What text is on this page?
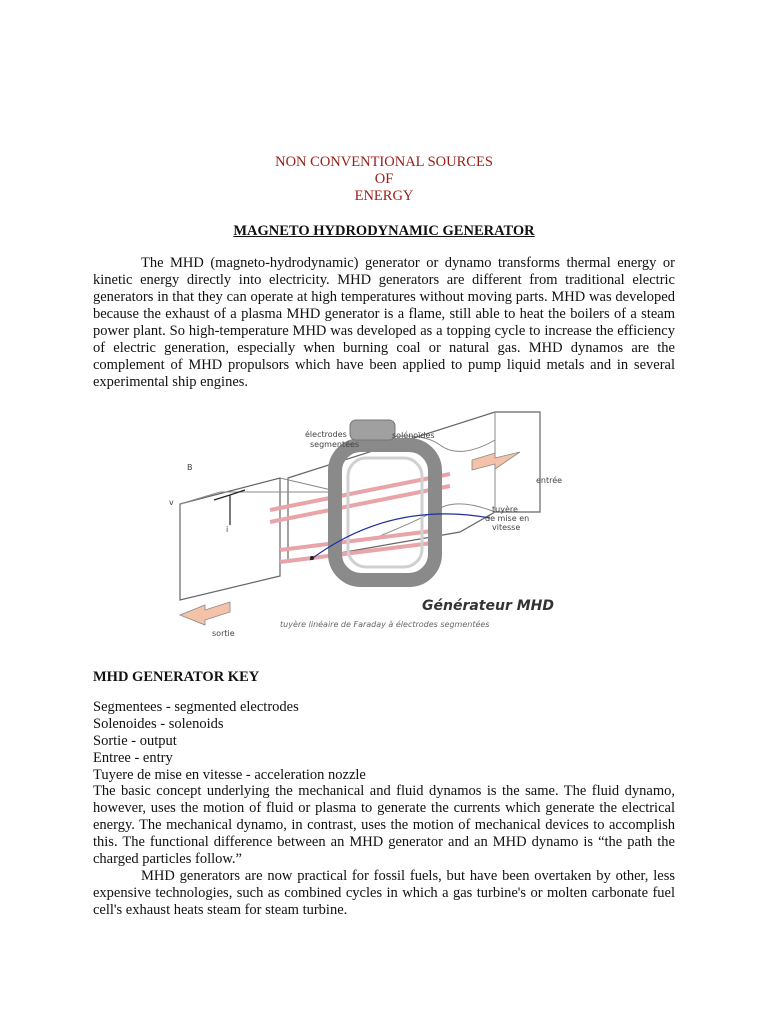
NON CONVENTIONAL SOURCES
OF
ENERGY
MAGNETO HYDRODYNAMIC GENERATOR

The MHD (magneto-hydrodynamic) generator or dynamo transforms thermal energy or kinetic energy directly into electricity. MHD generators are different from traditional electric generators in that they can operate at high temperatures without moving parts. MHD was developed because the exhaust of a plasma MHD generator is a flame, still able to heat the boilers of a steam power plant. So high-temperature MHD was developed as a topping cycle to increase the efficiency of electric generation, especially when burning coal or natural gas. MHD dynamos are the complement of MHD propulsors which have been applied to pump liquid metals and in several experimental ship engines.

B
v
i
électrodes
segmentées
solénoïdes
entrée
tuyère
de mise en
vitesse
sortie
Générateur MHD
tuyère linéaire de Faraday à électrodes segmentées
MHD GENERATOR KEY
Segmentees - segmented electrodes
Solenoides - solenoids
Sortie - output
Entree - entry
Tuyere de mise en vitesse - acceleration nozzle

The basic concept underlying the mechanical and fluid dynamos is the same. The fluid dynamo, however, uses the motion of fluid or plasma to generate the currents which generate the electrical energy. The mechanical dynamo, in contrast, uses the motion of mechanical devices to accomplish this. The functional difference between an MHD generator and an MHD dynamo is “the path the charged particles follow.”

MHD generators are now practical for fossil fuels, but have been overtaken by other, less expensive technologies, such as combined cycles in which a gas turbine's or molten carbonate fuel cell's exhaust heats steam for steam turbine.
